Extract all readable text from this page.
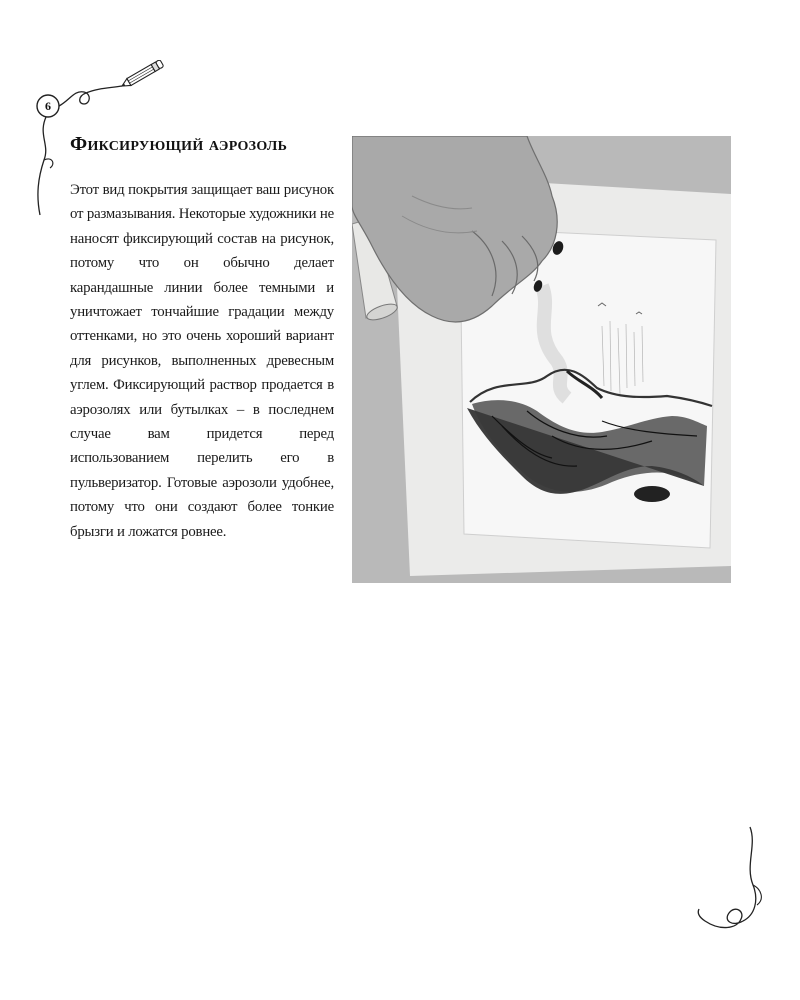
6
Фиксирующий аэрозоль

Этот вид покрытия защищает ваш рисунок от размазывания. Некоторые художники не наносят фиксирующий состав на рисунок, потому что он обычно делает карандашные линии более темными и уничтожает тончайшие градации между оттенками, но это очень хороший вариант для рисунков, выполненных древесным углем. Фиксирующий раствор продается в аэрозолях или бутылках – в последнем случае вам придется перед использованием перелить его в пульверизатор. Готовые аэрозоли удобнее, потому что они создают более тонкие брызги и ложатся ровнее.
